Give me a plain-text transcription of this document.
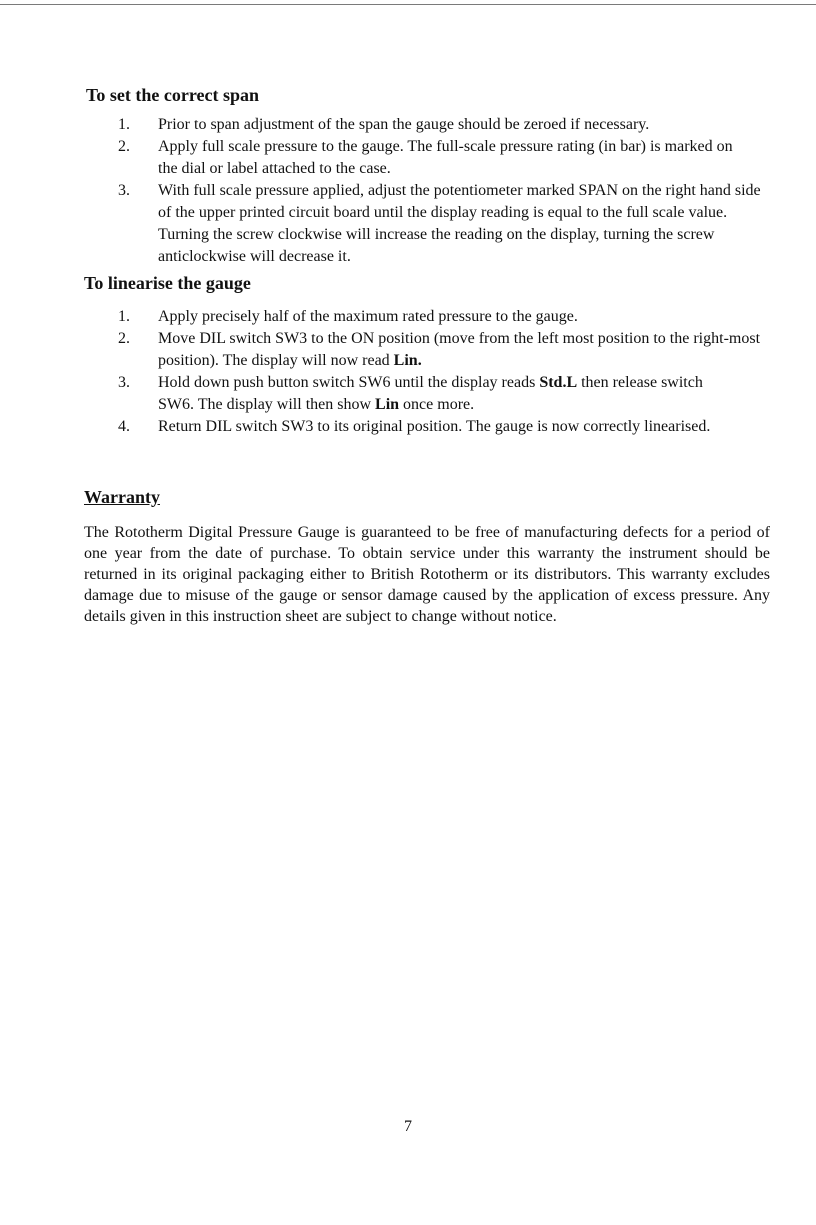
To set the correct span
1.	Prior to span adjustment of the span the gauge should be zeroed if necessary.
2.	Apply full scale pressure to the gauge. The full-scale pressure rating (in bar) is marked on the dial or label attached to the case.
3.	With full scale pressure applied, adjust the potentiometer marked SPAN on the right hand side of the upper printed circuit board until the display reading is equal to the full scale value. Turning the screw clockwise will increase the reading on the display, turning the screw anticlockwise will decrease it.
To linearise the gauge
1.	Apply precisely half of the maximum rated pressure to the gauge.
2.	Move DIL switch SW3 to the ON position (move from the left most position to the right-most position). The display will now read Lin.
3.	Hold down push button switch SW6 until the display reads Std.L then release switch SW6. The display will then show Lin once more.
4.	Return DIL switch SW3 to its original position. The gauge is now correctly linearised.
Warranty

The Rototherm Digital Pressure Gauge is guaranteed to be free of manufacturing defects for a period of one year from the date of purchase. To obtain service under this warranty the instrument should be returned in its original packaging either to British Rototherm or its distributors. This warranty excludes damage due to misuse of the gauge or sensor damage caused by the application of excess pressure. Any details given in this instruction sheet are subject to change without notice.

7
